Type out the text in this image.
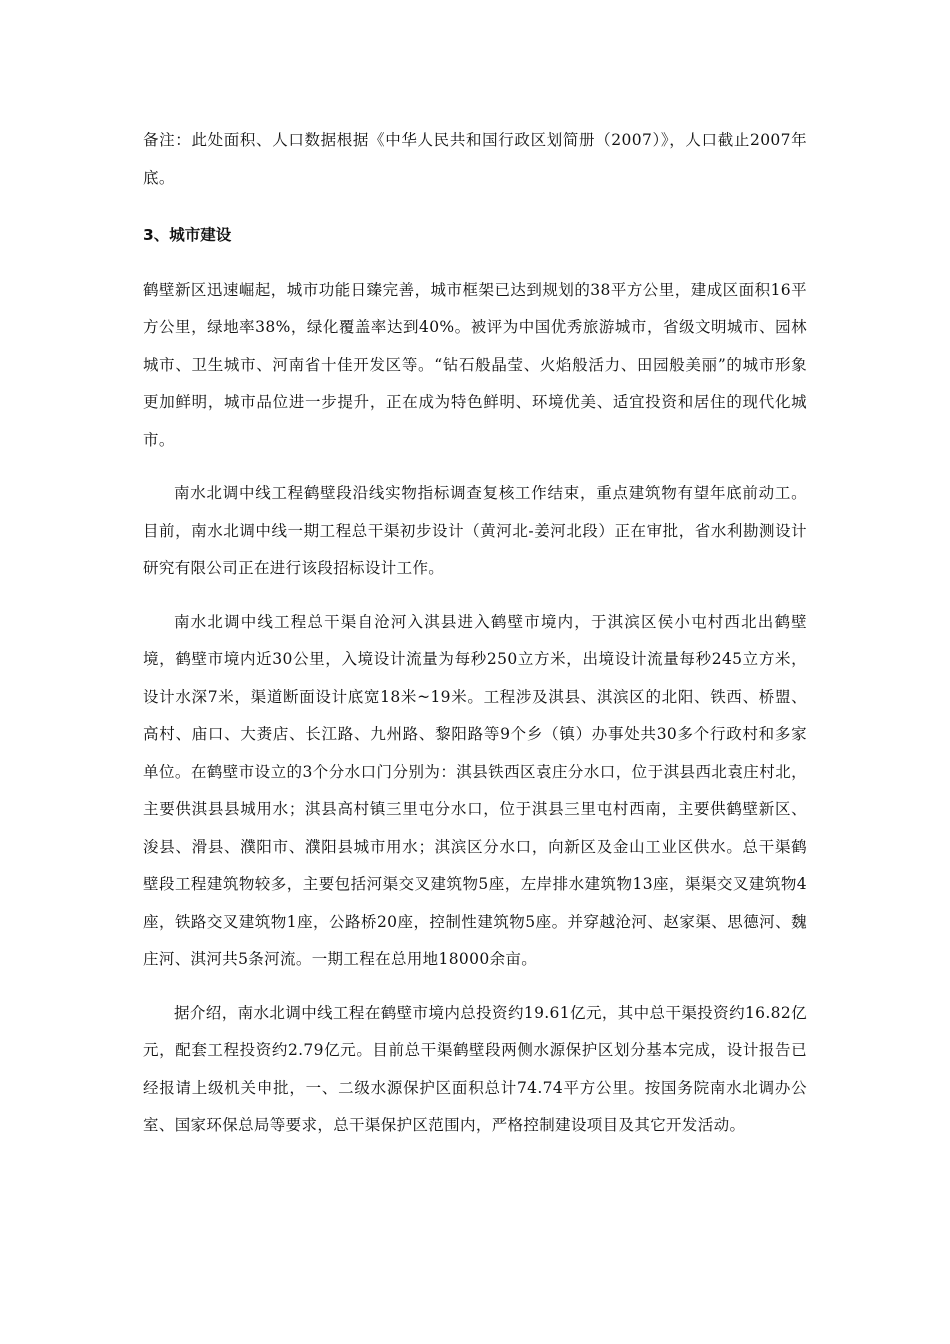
备注：此处面积、人口数据根据《中华人民共和国行政区划简册（2007）》，人口截止2007年底。

3、城市建设

鹤壁新区迅速崛起，城市功能日臻完善，城市框架已达到规划的38平方公里，建成区面积16平方公里，绿地率38%，绿化覆盖率达到40%。被评为中国优秀旅游城市，省级文明城市、园林城市、卫生城市、河南省十佳开发区等。“钻石般晶莹、火焰般活力、田园般美丽”的城市形象更加鲜明，城市品位进一步提升，正在成为特色鲜明、环境优美、适宜投资和居住的现代化城市。

南水北调中线工程鹤壁段沿线实物指标调查复核工作结束，重点建筑物有望年底前动工。目前，南水北调中线一期工程总干渠初步设计（黄河北-姜河北段）正在审批，省水利勘测设计研究有限公司正在进行该段招标设计工作。

南水北调中线工程总干渠自沧河入淇县进入鹤壁市境内，于淇滨区侯小屯村西北出鹤壁境，鹤壁市境内近30公里，入境设计流量为每秒250立方米，出境设计流量每秒245立方米，设计水深7米，渠道断面设计底宽18米~19米。工程涉及淇县、淇滨区的北阳、铁西、桥盟、高村、庙口、大赉店、长江路、九州路、黎阳路等9个乡（镇）办事处共30多个行政村和多家单位。在鹤壁市设立的3个分水口门分别为：淇县铁西区袁庄分水口，位于淇县西北袁庄村北，主要供淇县县城用水；淇县高村镇三里屯分水口，位于淇县三里屯村西南，主要供鹤壁新区、浚县、滑县、濮阳市、濮阳县城市用水；淇滨区分水口，向新区及金山工业区供水。总干渠鹤壁段工程建筑物较多，主要包括河渠交叉建筑物5座，左岸排水建筑物13座，渠渠交叉建筑物4座，铁路交叉建筑物1座，公路桥20座，控制性建筑物5座。并穿越沧河、赵家渠、思德河、魏庄河、淇河共5条河流。一期工程在总用地18000余亩。

据介绍，南水北调中线工程在鹤壁市境内总投资约19.61亿元，其中总干渠投资约16.82亿元，配套工程投资约2.79亿元。目前总干渠鹤壁段两侧水源保护区划分基本完成，设计报告已经报请上级机关申批，一、二级水源保护区面积总计74.74平方公里。按国务院南水北调办公室、国家环保总局等要求，总干渠保护区范围内，严格控制建设项目及其它开发活动。
